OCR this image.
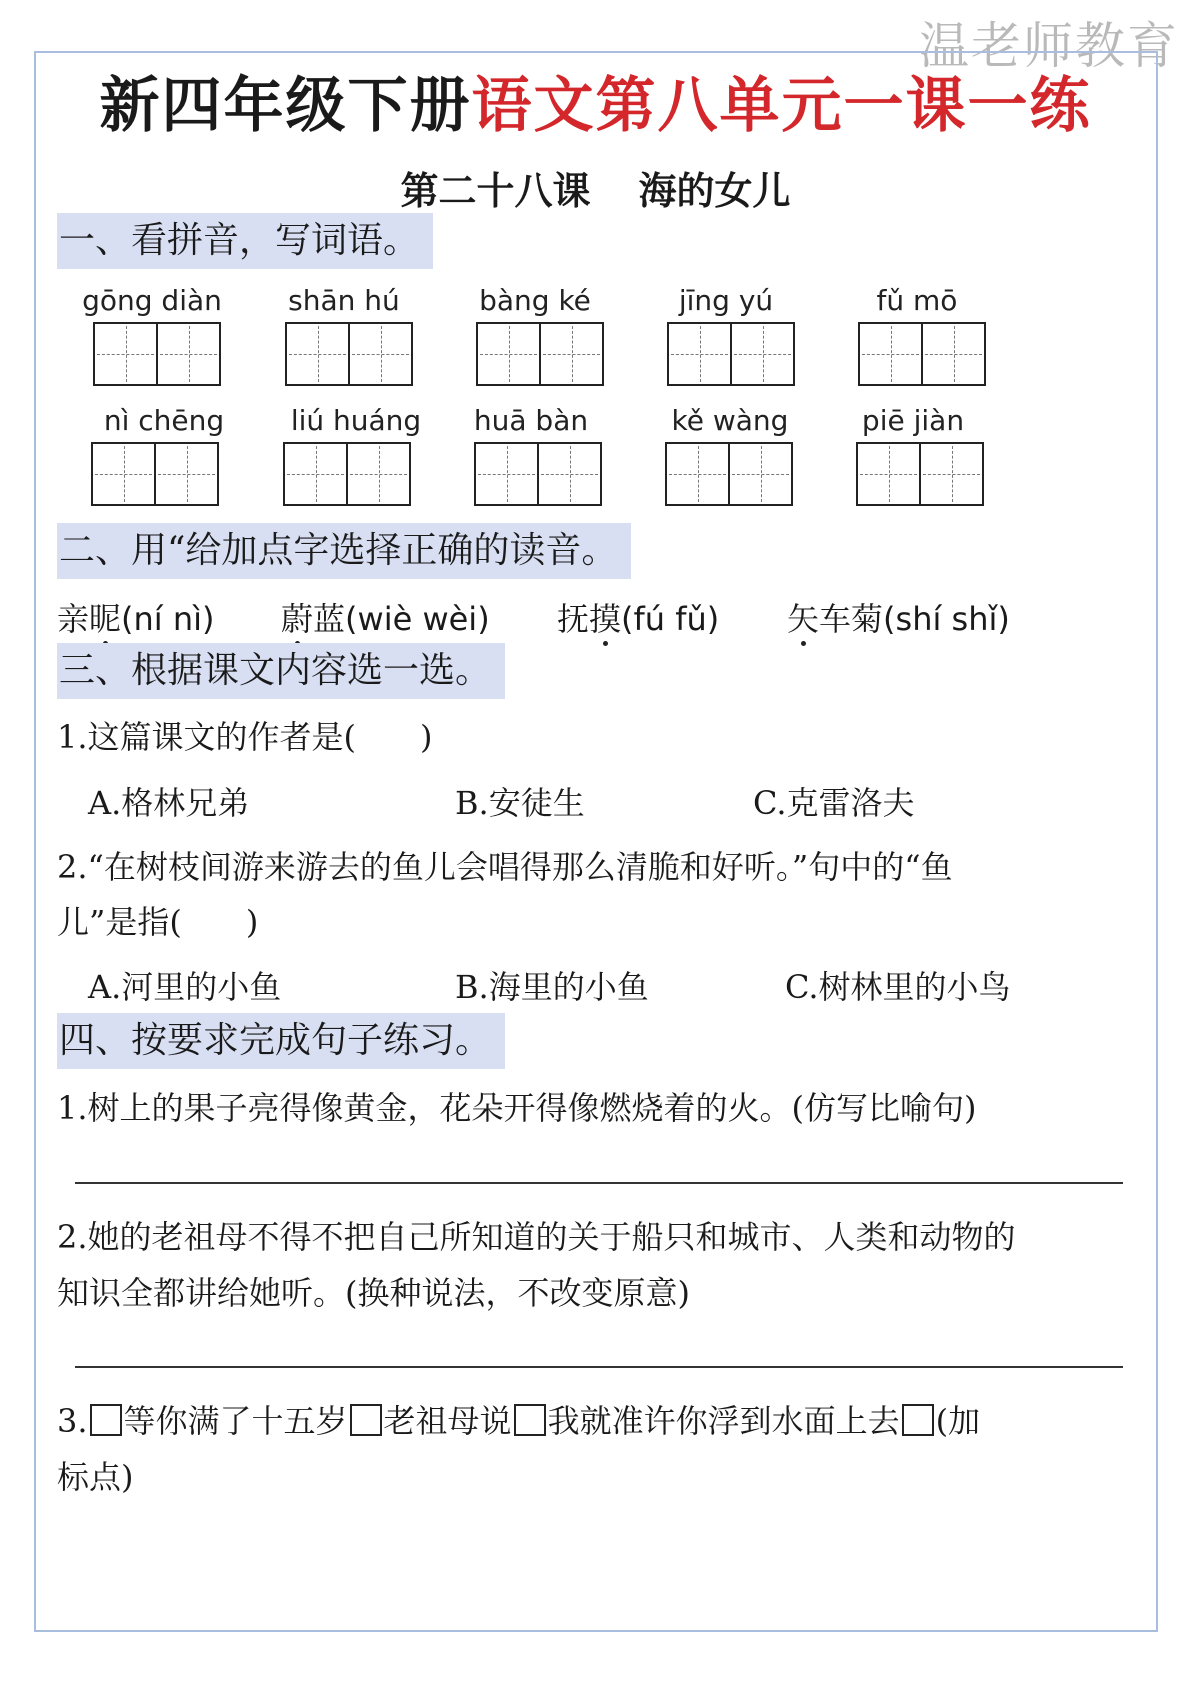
温老师教育
新四年级下册语文第八单元一课一练
第二十八课 海的女儿
一、看拼音，写词语。
gōng diàn	shān hú	bàng ké	jīng yú	fǔ mō
nì chēng	liú huáng	huā bàn	kě wàng	piē jiàn
二、用“给加点字选择正确的读音。
亲昵(ní nì) 蔚蓝(wiè wèi) 抚摸(fú fǔ) 矢车菊(shí shǐ)
三、根据课文内容选一选。
1.这篇课文的作者是(　　)
A.格林兄弟	B.安徒生	C.克雷洛夫
2.“在树枝间游来游去的鱼儿会唱得那么清脆和好听。”句中的“鱼
儿”是指(　　)
A.河里的小鱼	B.海里的小鱼	C.树林里的小鸟
四、按要求完成句子练习。
1.树上的果子亮得像黄金，花朵开得像燃烧着的火。(仿写比喻句)
2.她的老祖母不得不把自己所知道的关于船只和城市、人类和动物的
知识全都讲给她听。(换种说法，不改变原意)
3. 等你满了十五岁 老祖母说 我就准许你浮到水面上去 (加
标点)
